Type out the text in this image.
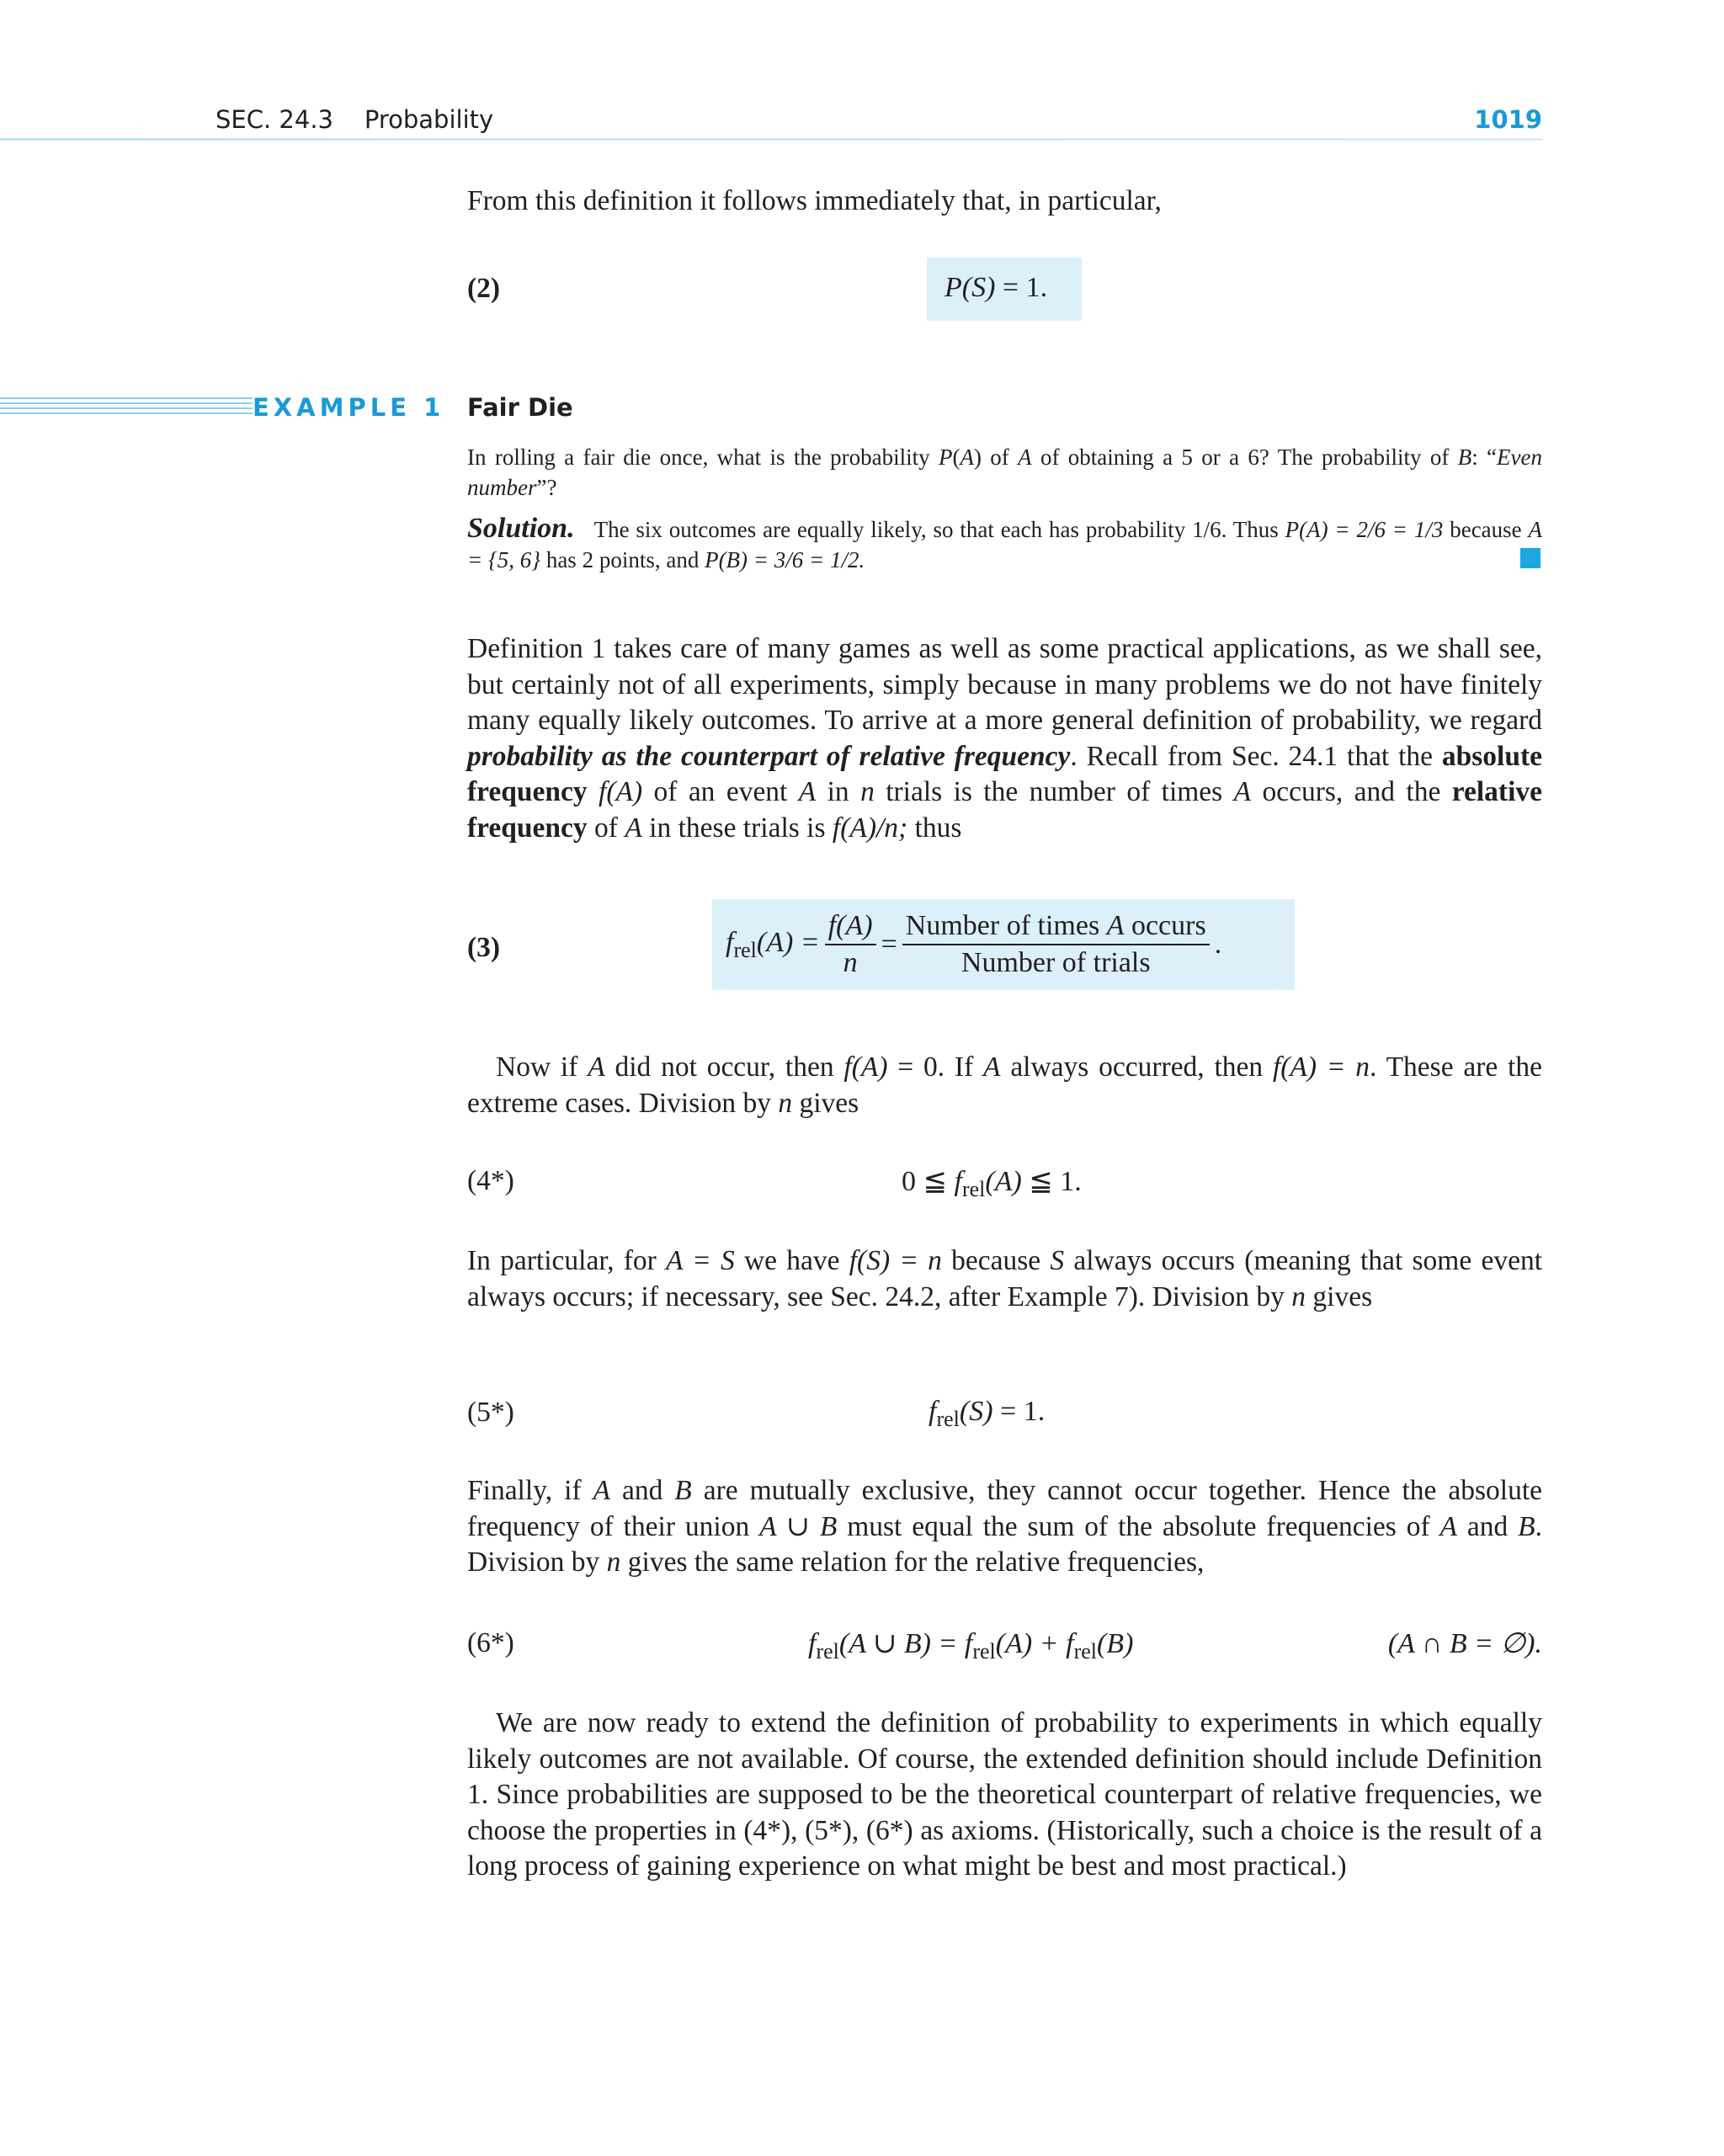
SEC. 24.3    Probability	1019
From this definition it follows immediately that, in particular,
(2)	P(S) = 1.
EXAMPLE 1 Fair Die
In rolling a fair die once, what is the probability P(A) of A of obtaining a 5 or a 6? The probability of B: “Even number”?
Solution. The six outcomes are equally likely, so that each has probability 1/6. Thus P(A) = 2/6 = 1/3 because A = {5, 6} has 2 points, and P(B) = 3/6 = 1/2.
Definition 1 takes care of many games as well as some practical applications, as we shall see, but certainly not of all experiments, simply because in many problems we do not have finitely many equally likely outcomes. To arrive at a more general definition of probability, we regard probability as the counterpart of relative frequency. Recall from Sec. 24.1 that the absolute frequency f(A) of an event A in n trials is the number of times A occurs, and the relative frequency of A in these trials is f(A)/n; thus
(3)	$f_{rel}(A) = \frac{f(A)}{n} = \frac{\text{Number of times A occurs}}{\text{Number of trials}}$ .
Now if A did not occur, then f(A) = 0. If A always occurred, then f(A) = n. These are the extreme cases. Division by n gives
(4*)	0 ≦ $f_{rel}(A)$ ≦ 1.
In particular, for A = S we have f(S) = n because S always occurs (meaning that some event always occurs; if necessary, see Sec. 24.2, after Example 7). Division by n gives
(5*)	$f_{rel}(S) = 1$.
Finally, if A and B are mutually exclusive, they cannot occur together. Hence the absolute frequency of their union A ∪ B must equal the sum of the absolute frequencies of A and B. Division by n gives the same relation for the relative frequencies,
(6*)	$f_{rel}(A$ ∪ $B) = f_{rel}(A) + f_{rel}(B)$	(A ∩ B = ∅).
We are now ready to extend the definition of probability to experiments in which equally likely outcomes are not available. Of course, the extended definition should include Definition 1. Since probabilities are supposed to be the theoretical counterpart of relative frequencies, we choose the properties in (4*), (5*), (6*) as axioms. (Historically, such a choice is the result of a long process of gaining experience on what might be best and most practical.)
